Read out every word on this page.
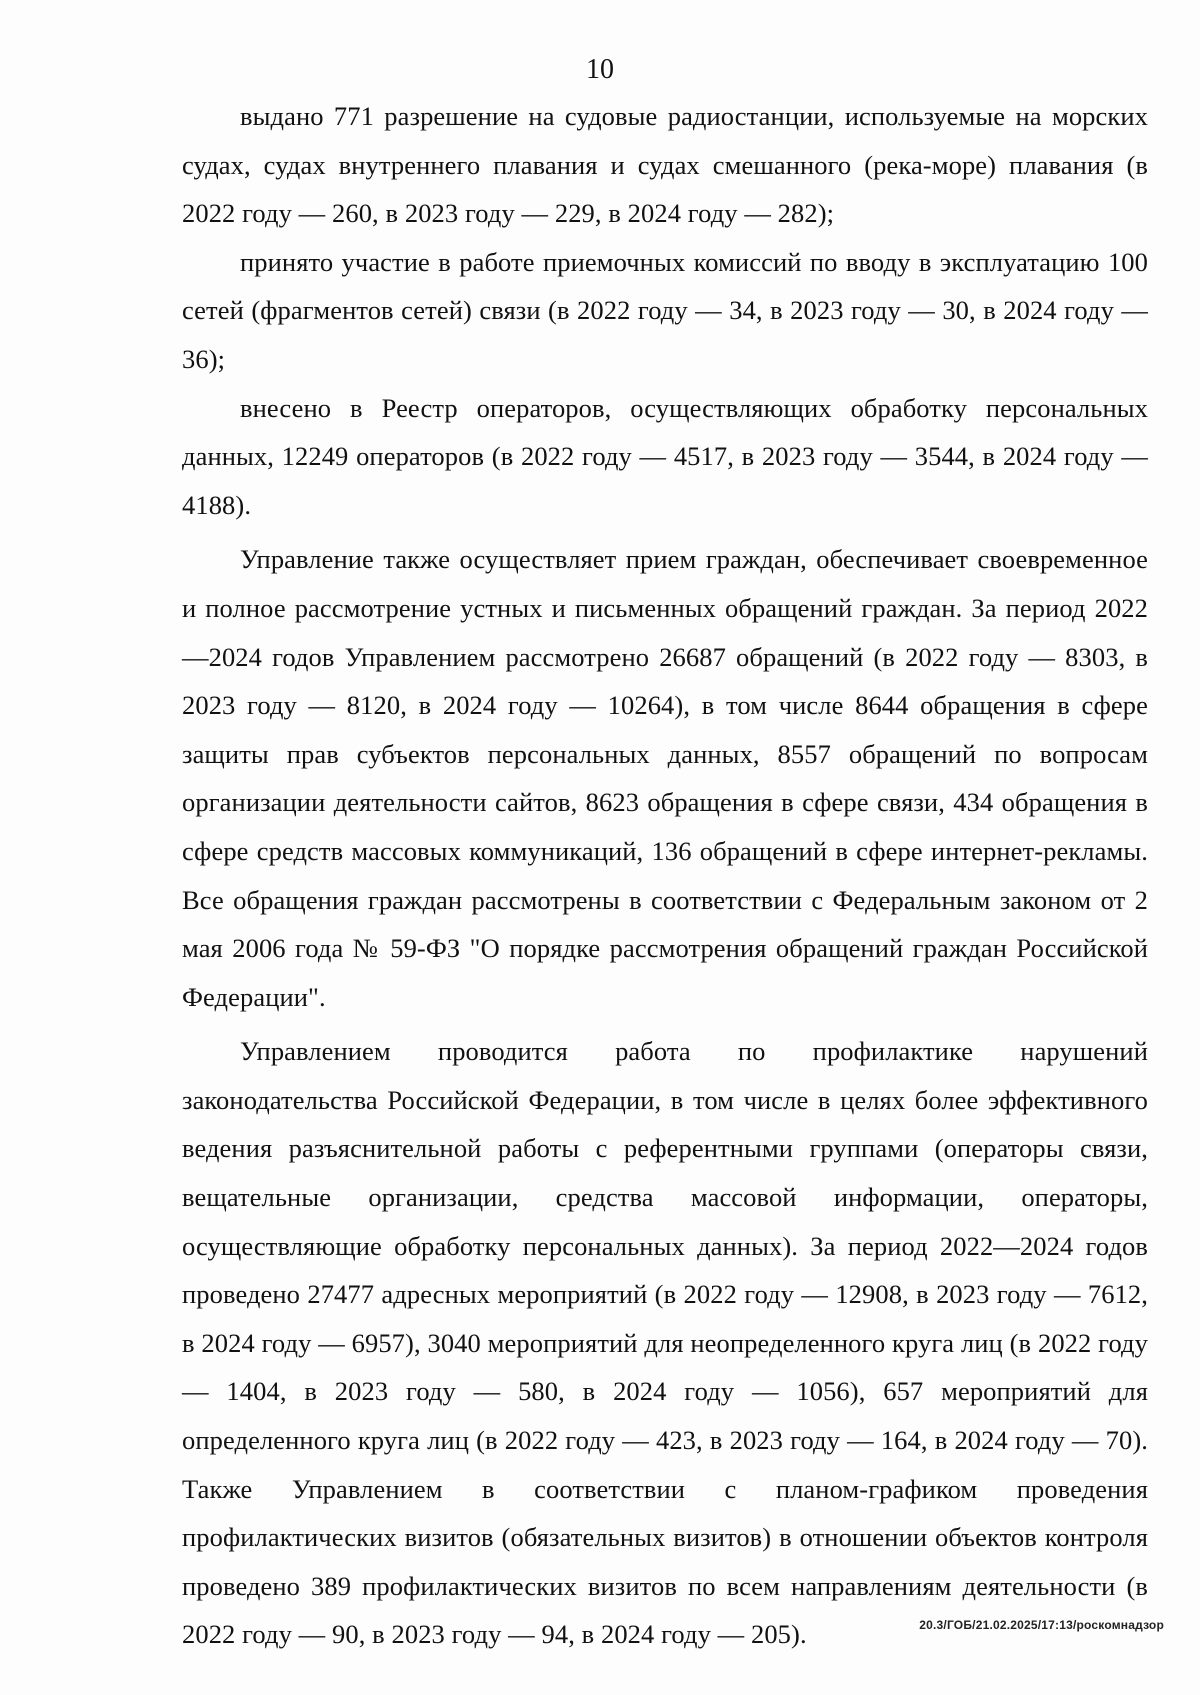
10

выдано 771 разрешение на судовые радиостанции, используемые на морских судах, судах внутреннего плавания и судах смешанного (река-море) плавания (в 2022 году — 260, в 2023 году — 229, в 2024 году — 282);

принято участие в работе приемочных комиссий по вводу в эксплуатацию 100 сетей (фрагментов сетей) связи (в 2022 году — 34, в 2023 году — 30, в 2024 году — 36);

внесено в Реестр операторов, осуществляющих обработку персональных данных, 12249 операторов (в 2022 году — 4517, в 2023 году — 3544, в 2024 году — 4188).

Управление также осуществляет прием граждан, обеспечивает своевременное и полное рассмотрение устных и письменных обращений граждан. За период 2022—2024 годов Управлением рассмотрено 26687 обращений (в 2022 году — 8303, в 2023 году — 8120, в 2024 году — 10264), в том числе 8644 обращения в сфере защиты прав субъектов персональных данных, 8557 обращений по вопросам организации деятельности сайтов, 8623 обращения в сфере связи, 434 обращения в сфере средств массовых коммуникаций, 136 обращений в сфере интернет-рекламы. Все обращения граждан рассмотрены в соответствии с Федеральным законом от 2 мая 2006 года № 59-ФЗ "О порядке рассмотрения обращений граждан Российской Федерации".

Управлением проводится работа по профилактике нарушений законодательства Российской Федерации, в том числе в целях более эффективного ведения разъяснительной работы с референтными группами (операторы связи, вещательные организации, средства массовой информации, операторы, осуществляющие обработку персональных данных). За период 2022—2024 годов проведено 27477 адресных мероприятий (в 2022 году — 12908, в 2023 году — 7612, в 2024 году — 6957), 3040 мероприятий для неопределенного круга лиц (в 2022 году — 1404, в 2023 году — 580, в 2024 году — 1056), 657 мероприятий для определенного круга лиц (в 2022 году — 423, в 2023 году — 164, в 2024 году — 70). Также Управлением в соответствии с планом-графиком проведения профилактических визитов (обязательных визитов) в отношении объектов контроля проведено 389 профилактических визитов по всем направлениям деятельности (в 2022 году — 90, в 2023 году — 94, в 2024 году — 205).	20.3/ГОБ/21.02.2025/17:13/роскомнадзор
